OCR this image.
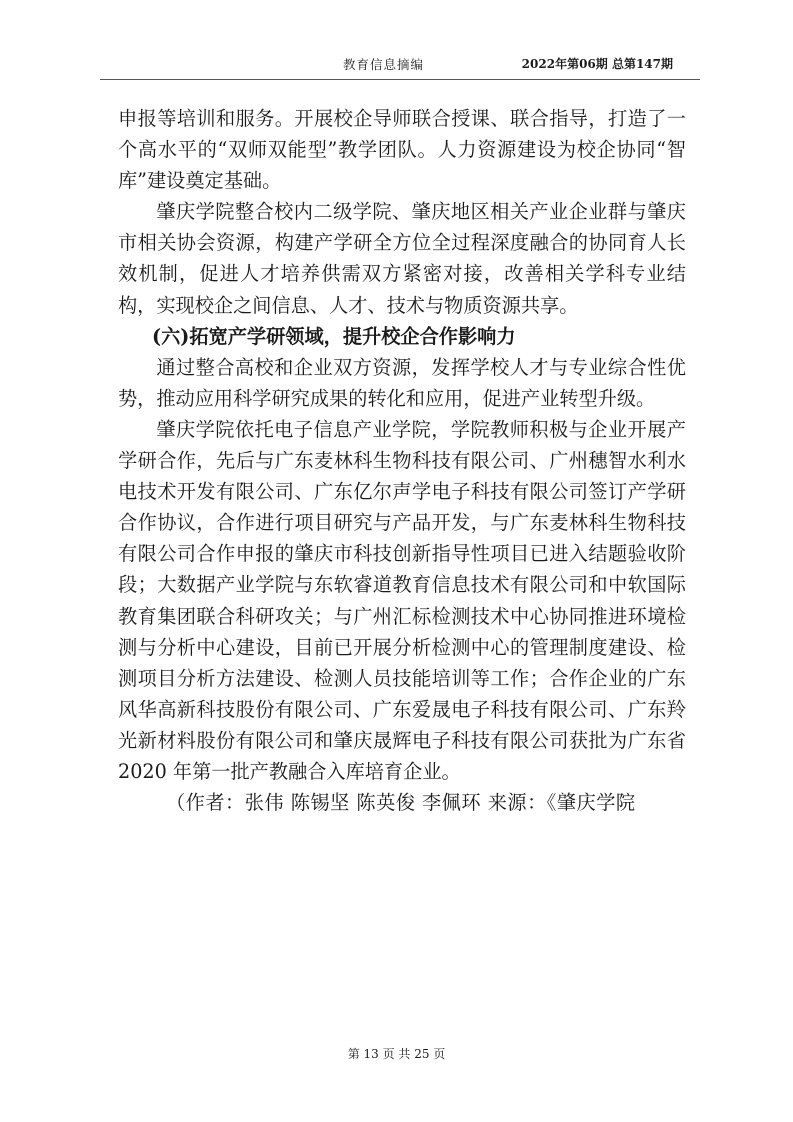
教育信息摘编	2022年第06期 总第147期

申报等培训和服务。开展校企导师联合授课、联合指导，打造了一个高水平的“双师双能型”教学团队。人力资源建设为校企协同“智库”建设奠定基础。

肇庆学院整合校内二级学院、肇庆地区相关产业企业群与肇庆市相关协会资源，构建产学研全方位全过程深度融合的协同育人长效机制，促进人才培养供需双方紧密对接，改善相关学科专业结构，实现校企之间信息、人才、技术与物质资源共享。

(六)拓宽产学研领域，提升校企合作影响力

通过整合高校和企业双方资源，发挥学校人才与专业综合性优势，推动应用科学研究成果的转化和应用，促进产业转型升级。

肇庆学院依托电子信息产业学院，学院教师积极与企业开展产学研合作，先后与广东麦林科生物科技有限公司、广州穗智水利水电技术开发有限公司、广东亿尔声学电子科技有限公司签订产学研合作协议，合作进行项目研究与产品开发，与广东麦林科生物科技有限公司合作申报的肇庆市科技创新指导性项目已进入结题验收阶段；大数据产业学院与东软睿道教育信息技术有限公司和中软国际教育集团联合科研攻关；与广州汇标检测技术中心协同推进环境检测与分析中心建设，目前已开展分析检测中心的管理制度建设、检测项目分析方法建设、检测人员技能培训等工作；合作企业的广东风华高新科技股份有限公司、广东爱晟电子科技有限公司、广东羚光新材料股份有限公司和肇庆晟辉电子科技有限公司获批为广东省 2020 年第一批产教融合入库培育企业。

（作者：张伟 陈锡坚 陈英俊 李佩环 来源：《肇庆学院

第 13 页 共 25 页
